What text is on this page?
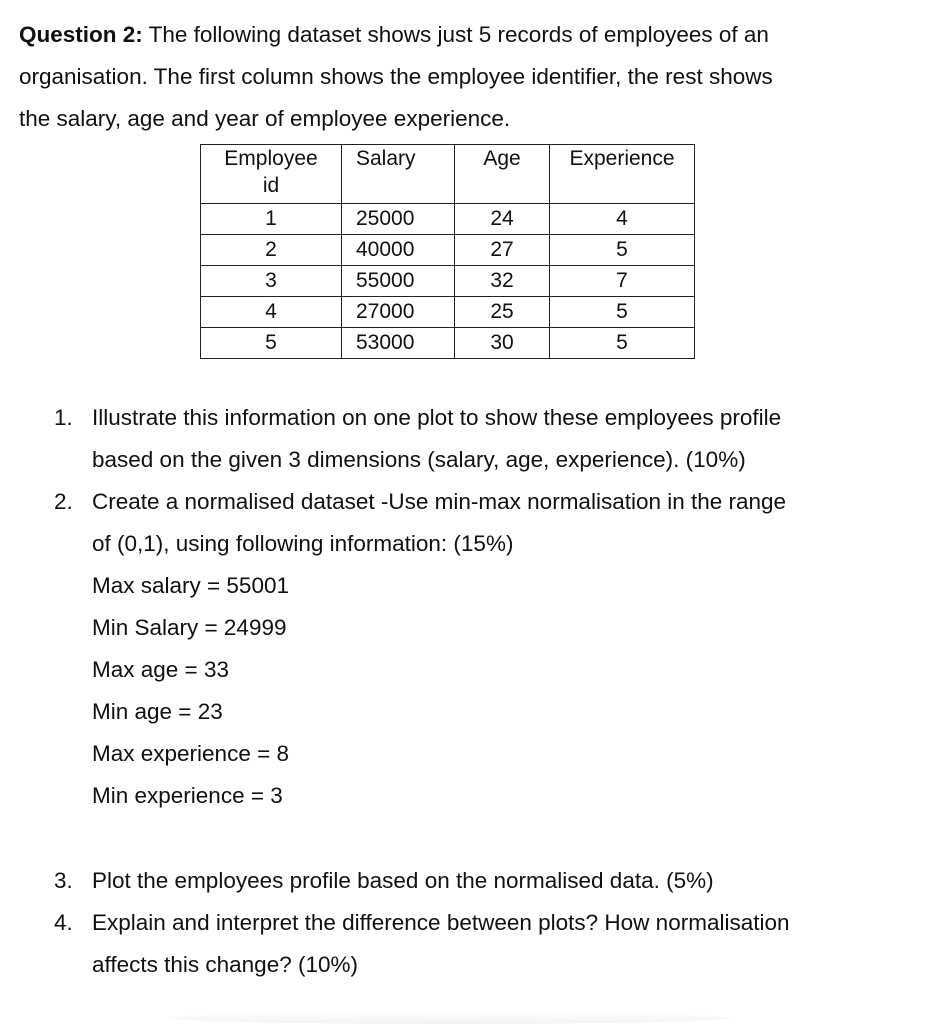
Question 2: The following dataset shows just 5 records of employees of an
organisation. The first column shows the employee identifier, the rest shows
the salary, age and year of employee experience.
Employee
id	Salary	Age	Experience
1	25000	24	4
2	40000	27	5
3	55000	32	7
4	27000	25	5
5	53000	30	5
1. Illustrate this information on one plot to show these employees profile
based on the given 3 dimensions (salary, age, experience). (10%)
2. Create a normalised dataset -Use min-max normalisation in the range
of (0,1), using following information: (15%)
Max salary = 55001
Min Salary = 24999
Max age = 33
Min age = 23
Max experience = 8
Min experience = 3
3. Plot the employees profile based on the normalised data. (5%)
4. Explain and interpret the difference between plots? How normalisation
affects this change? (10%)
